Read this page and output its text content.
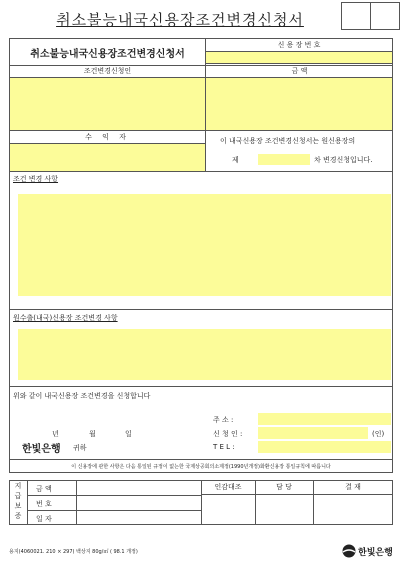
취소불능내국신용장조건변경신청서
취소불능내국신용장조건변경신청서
신 용 장 번 호
조건변경신청인	금 액
수 익 자	이 내국신용장 조건변경신청서는 원신용장의
제	차 변경신청입니다.
조건 변경 사항
원수출(내국)신용장 조건변경 사항
위와 같이 내국신용장 조건변경을 신청합니다
주 소 :
년	월	일	신 청 인 :	(인)
한빛은행 귀하	T E L :
이 신용장에 관한 사항은 다음 통일된 규정이 없는한 국제상공회의소제정(1990년개정)화환신용장 통일규칙에 따릅니다
지급보증
금 액
번 호
일 자
인감대조	담 당	결 재
용지(4060021. 210 × 297) 백상지 80g/㎡ ( 98.1 개정)	한빛은행
